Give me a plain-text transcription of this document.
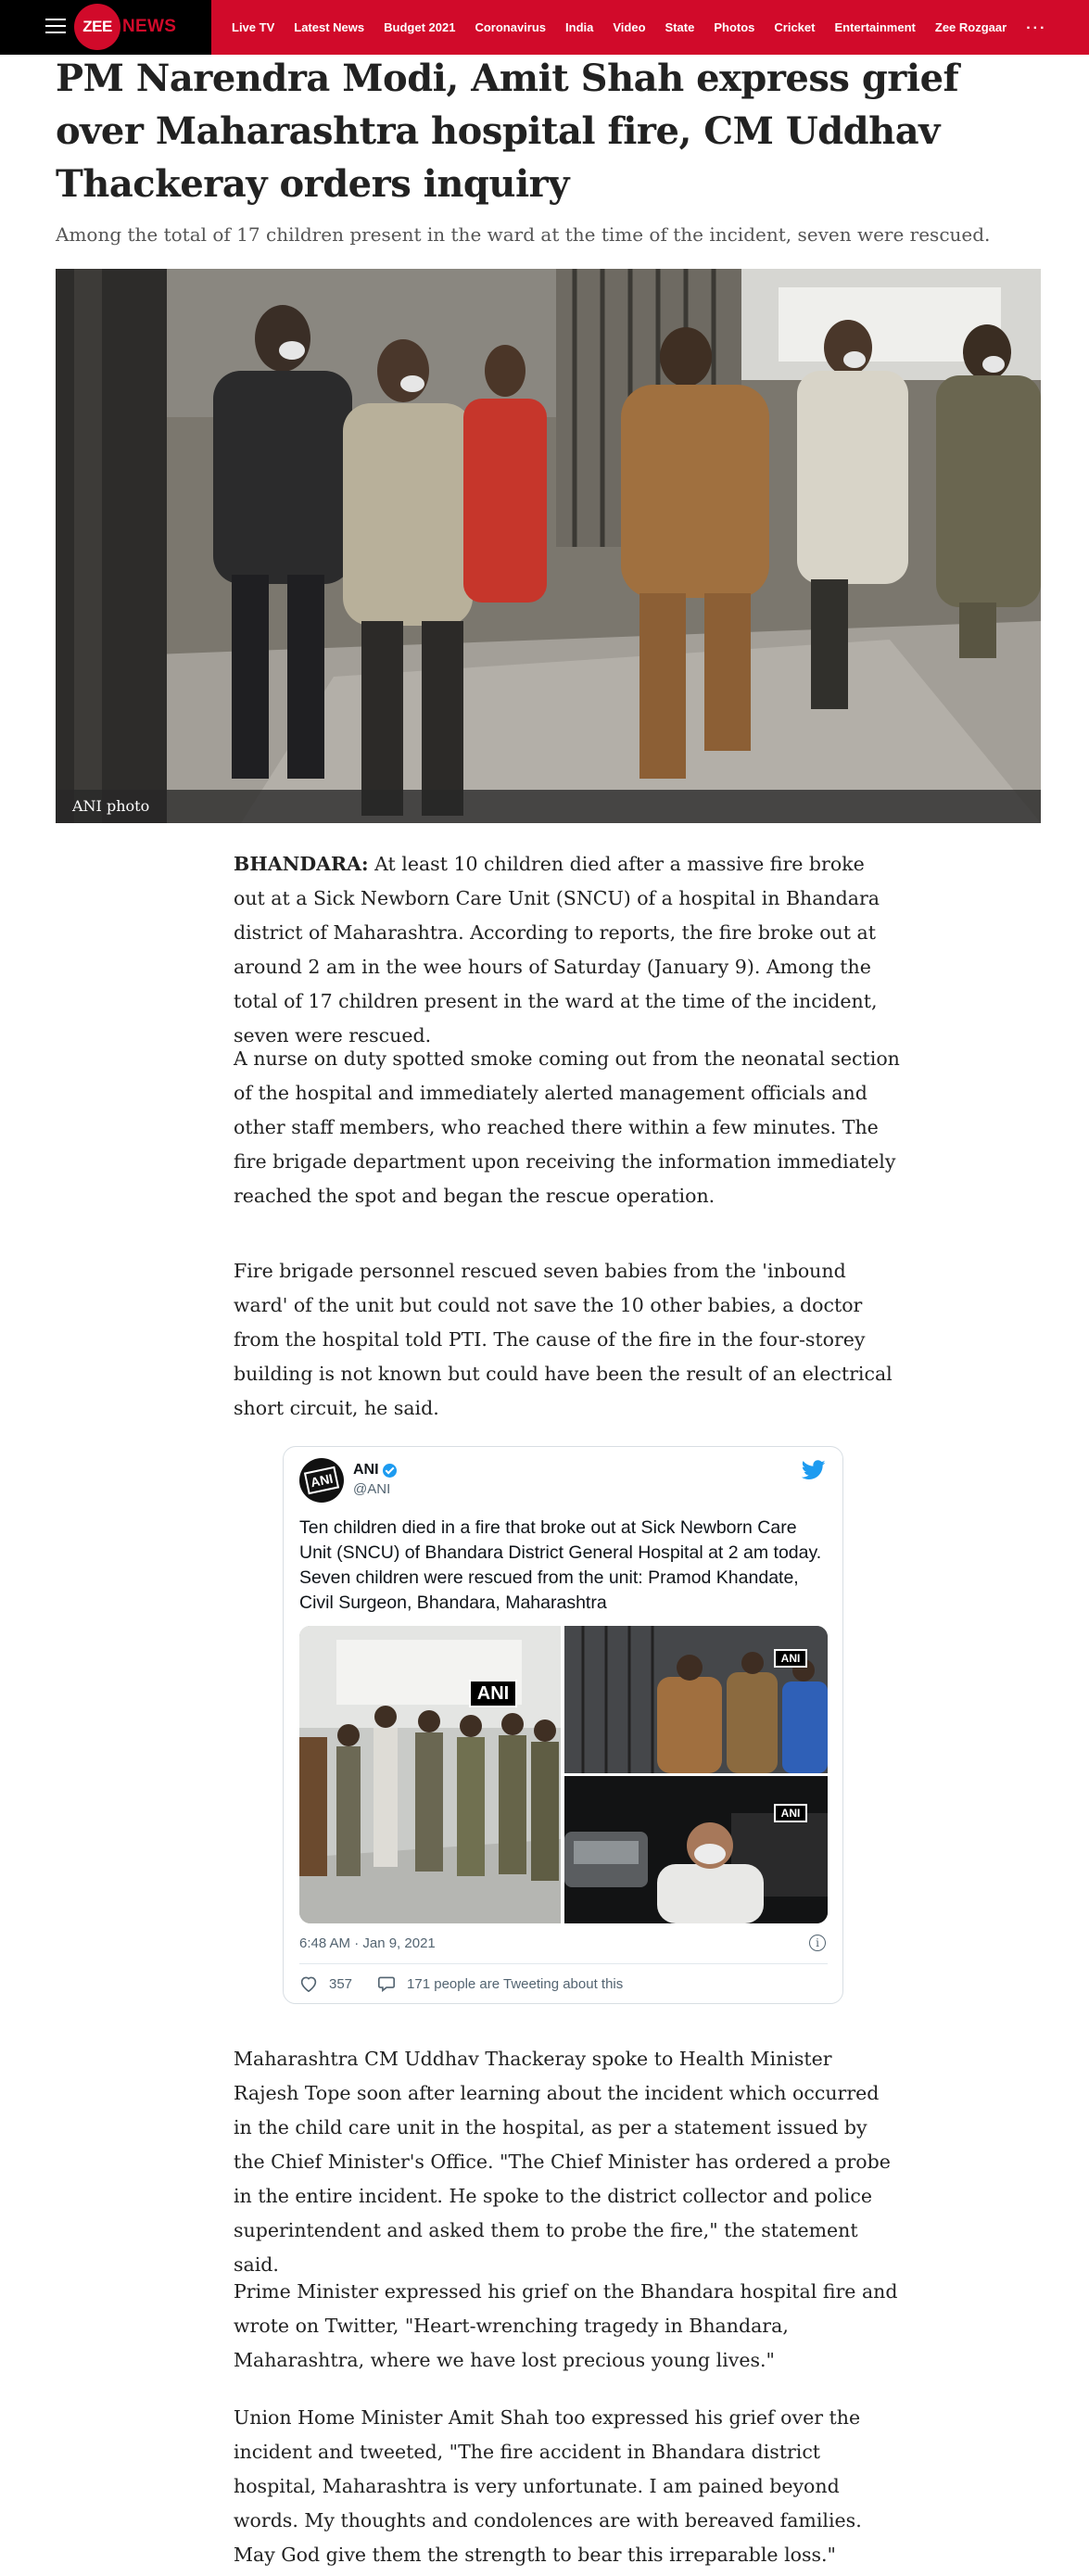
ZEE NEWS	Live TV Latest News Budget 2021 Coronavirus India Video State Photos Cricket Entertainment Zee Rozgaar ...
PM Narendra Modi, Amit Shah express grief over Maharashtra hospital fire, CM Uddhav Thackeray orders inquiry

Among the total of 17 children present in the ward at the time of the incident, seven were rescued.

ANI photo

BHANDARA: At least 10 children died after a massive fire broke out at a Sick Newborn Care Unit (SNCU) of a hospital in Bhandara district of Maharashtra. According to reports, the fire broke out at around 2 am in the wee hours of Saturday (January 9). Among the total of 17 children present in the ward at the time of the incident, seven were rescued.

A nurse on duty spotted smoke coming out from the neonatal section of the hospital and immediately alerted management officials and other staff members, who reached there within a few minutes. The fire brigade department upon receiving the information immediately reached the spot and began the rescue operation.

Fire brigade personnel rescued seven babies from the 'inbound ward' of the unit but could not save the 10 other babies, a doctor from the hospital told PTI. The cause of the fire in the four-storey building is not known but could have been the result of an electrical short circuit, he said.

ANI
ANI
@ANI
Ten children died in a fire that broke out at Sick Newborn Care Unit (SNCU) of Bhandara District General Hospital at 2 am today. Seven children were rescued from the unit: Pramod Khandate, Civil Surgeon, Bhandara, Maharashtra
ANI
ANI
ANI
6:48 AM · Jan 9, 2021	i
357	171 people are Tweeting about this

Maharashtra CM Uddhav Thackeray spoke to Health Minister Rajesh Tope soon after learning about the incident which occurred in the child care unit in the hospital, as per a statement issued by the Chief Minister's Office. "The Chief Minister has ordered a probe in the entire incident. He spoke to the district collector and police superintendent and asked them to probe the fire," the statement said.

Prime Minister expressed his grief on the Bhandara hospital fire and wrote on Twitter, "Heart-wrenching tragedy in Bhandara, Maharashtra, where we have lost precious young lives."

Union Home Minister Amit Shah too expressed his grief over the incident and tweeted, "The fire accident in Bhandara district hospital, Maharashtra is very unfortunate. I am pained beyond words. My thoughts and condolences are with bereaved families. May God give them the strength to bear this irreparable loss."
